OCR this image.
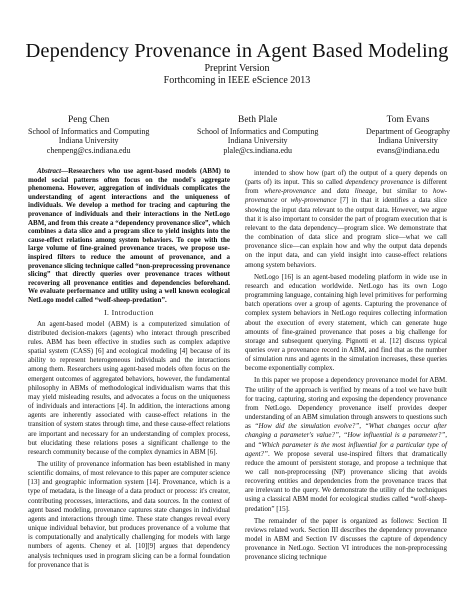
Dependency Provenance in Agent Based Modeling

Preprint Version

Forthcoming in IEEE eScience 2013

Peng Chen
School of Informatics and Computing
Indiana University
chenpeng@cs.indiana.edu
Beth Plale
School of Informatics and Computing
Indiana University
plale@cs.indiana.edu
Tom Evans
Department of Geography
Indiana University
evans@indiana.edu

Abstract—Researchers who use agent-based models (ABM) to model social patterns often focus on the model's aggregate phenomena. However, aggregation of individuals complicates the understanding of agent interactions and the uniqueness of individuals. We develop a method for tracing and capturing the provenance of individuals and their interactions in the NetLogo ABM, and from this create a “dependency provenance slice”, which combines a data slice and a program slice to yield insights into the cause-effect relations among system behaviors. To cope with the large volume of fine-grained provenance traces, we propose use-inspired filters to reduce the amount of provenance, and a provenance slicing technique called “non-preprocessing provenance slicing” that directly queries over provenance traces without recovering all provenance entities and dependencies beforehand. We evaluate performance and utility using a well known ecological NetLogo model called “wolf-sheep-predation”.

I. Introduction

An agent-based model (ABM) is a computerized simulation of distributed decision-makers (agents) who interact through prescribed rules. ABM has been effective in studies such as complex adaptive spatial system (CASS) [6] and ecological modeling [4] because of its ability to represent heterogeneous individuals and the interactions among them. Researchers using agent-based models often focus on the emergent outcomes of aggregated behaviors, however, the fundamental philosophy in ABMs of methodological individualism warns that this may yield misleading results, and advocates a focus on the uniqueness of individuals and interactions [4]. In addition, the interactions among agents are inherently associated with cause-effect relations in the transition of system states through time, and these cause-effect relations are important and necessary for an understanding of complex process, but elucidating these relations poses a significant challenge to the research community because of the complex dynamics in ABM [6].

The utility of provenance information has been established in many scientific domains, of most relevance to this paper are computer science [13] and geographic information system [14]. Provenance, which is a type of metadata, is the lineage of a data product or process: it's creator, contributing processes, interactions, and data sources. In the context of agent based modeling, provenance captures state changes in individual agents and interactions through time. These state changes reveal every unique individual behavior, but produces provenance of a volume that is computationally and analytically challenging for models with large numbers of agents. Cheney et al. [10][9] argues that dependency analysis techniques used in program slicing can be a formal foundation for provenance that is

intended to show how (part of) the output of a query depends on (parts of) its input. This so called dependency provenance is different from where-provenance and data lineage, but similar to how-provenance or why-provenance [7] in that it identifies a data slice showing the input data relevant to the output data. However, we argue that it is also important to consider the part of program execution that is relevant to the data dependency—program slice. We demonstrate that the combination of data slice and program slice—what we call provenance slice—can explain how and why the output data depends on the input data, and can yield insight into cause-effect relations among system behaviors.

NetLogo [16] is an agent-based modeling platform in wide use in research and education worldwide. NetLogo has its own Logo programming language, containing high level primitives for performing batch operations over a group of agents. Capturing the provenance of complex system behaviors in NetLogo requires collecting information about the execution of every statement, which can generate huge amounts of fine-grained provenance that poses a big challenge for storage and subsequent querying. Pignotti et al. [12] discuss typical queries over a provenance record in ABM, and find that as the number of simulation runs and agents in the simulation increases, these queries become exponentially complex.

In this paper we propose a dependency provenance model for ABM. The utility of the approach is verified by means of a tool we have built for tracing, capturing, storing and exposing the dependency provenance from NetLogo. Dependency provenance itself provides deeper understanding of an ABM simulation through answers to questions such as “How did the simulation evolve?”, “What changes occur after changing a parameter's value?”, “How influential is a parameter?”, and “Which parameter is the most influential for a particular type of agent?”. We propose several use-inspired filters that dramatically reduce the amount of persistent storage, and propose a technique that we call non-preprocessing (NP) provenance slicing that avoids recovering entities and dependencies from the provenance traces that are irrelevant to the query. We demonstrate the utility of the techniques using a classical ABM model for ecological studies called “wolf-sheep-predation” [15].

The remainder of the paper is organized as follows: Section II reviews related work. Section III describes the dependency provenance model in ABM and Section IV discusses the capture of dependency provenance in NetLogo. Section VI introduces the non-preprocessing provenance slicing technique
